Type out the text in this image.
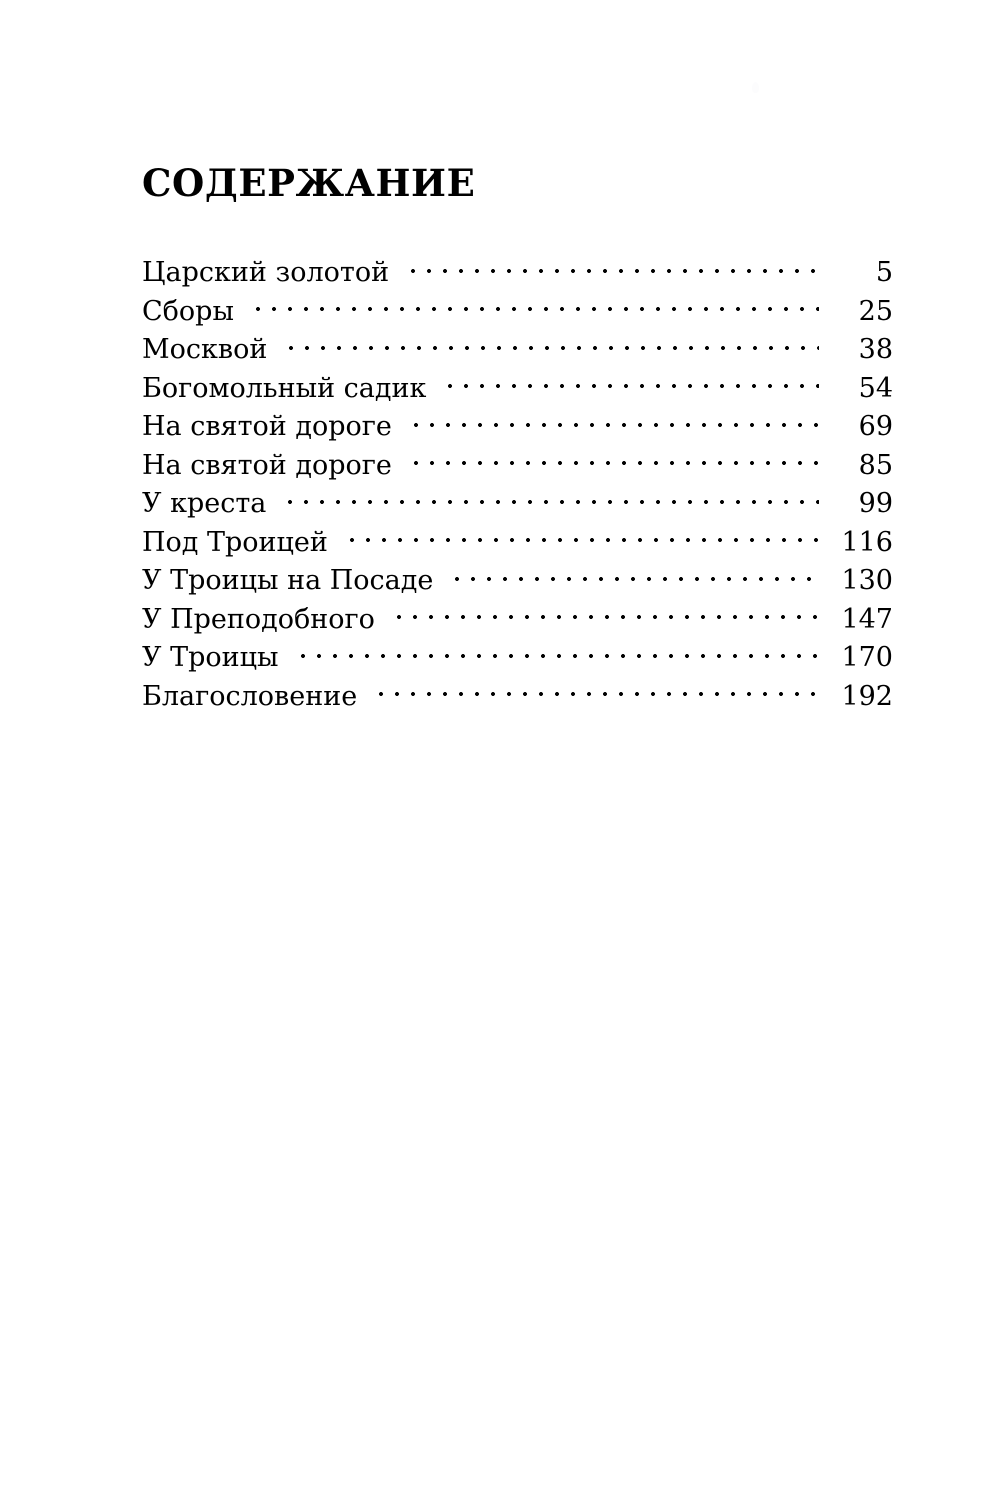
СОДЕРЖАНИЕ
Царский золотой	5
Сборы	25
Москвой	38
Богомольный садик	54
На святой дороге	69
На святой дороге	85
У креста	99
Под Троицей	116
У Троицы на Посаде	130
У Преподобного	147
У Троицы	170
Благословение	192
